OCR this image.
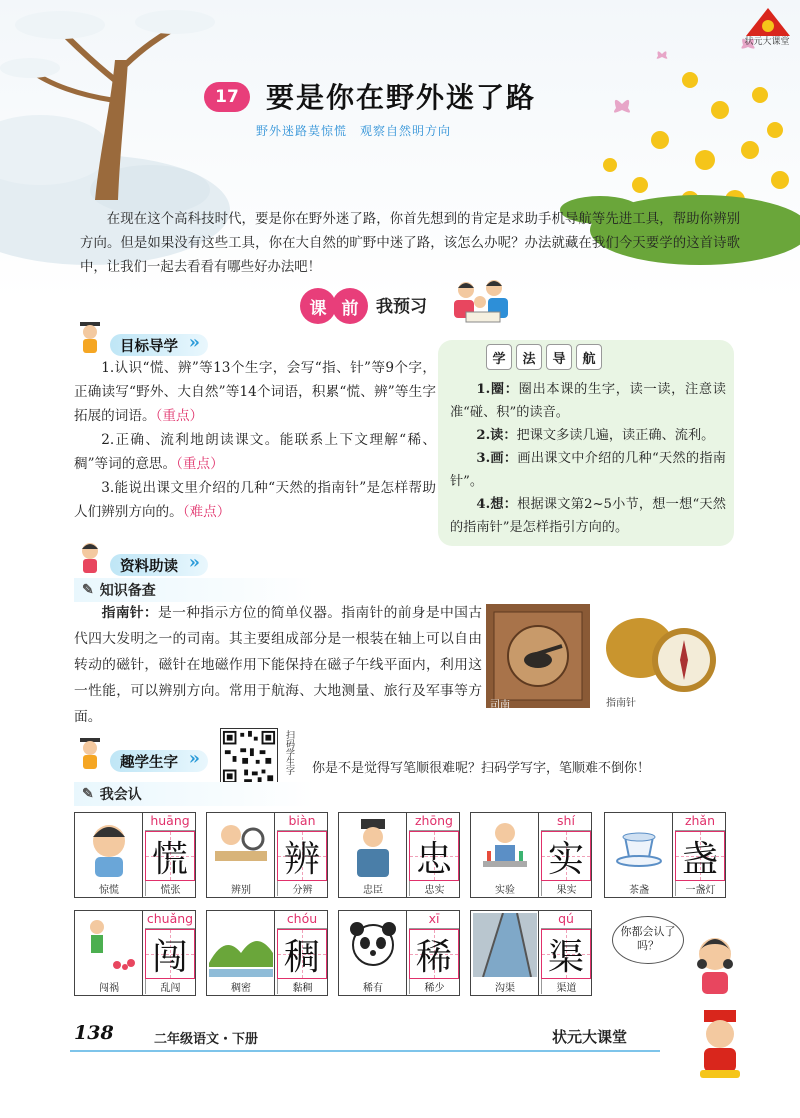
状元大课堂
17 要是你在野外迷了路
野外迷路莫惊慌　观察自然明方向

在现在这个高科技时代，要是你在野外迷了路，你首先想到的肯定是求助手机导航等先进工具，帮助你辨别方向。但是如果没有这些工具，你在大自然的旷野中迷了路，该怎么办呢？办法就藏在我们今天要学的这首诗歌中，让我们一起去看看有哪些好办法吧！

课 前	我预习
目标导学 »

1.认识“慌、辨”等13个生字，会写“指、针”等9个字，正确读写“野外、大自然”等14个词语，积累“慌、辨”等生字拓展的词语。（重点）

2.正确、流利地朗读课文。能联系上下文理解“稀、稠”等词的意思。（重点）

3.能说出课文里介绍的几种“天然的指南针”是怎样帮助人们辨别方向的。（难点）

学	法	导	航

1.圈：圈出本课的生字，读一读，注意读准“碰、积”的读音。

2.读：把课文多读几遍，读正确、流利。

3.画：画出课文中介绍的几种“天然的指南针”。

4.想：根据课文第2~5小节，想一想“天然的指南针”是怎样指引方向的。

资料助读 »
✎ 知识备查

指南针：是一种指示方位的简单仪器。指南针的前身是中国古代四大发明之一的司南。其主要组成部分是一根装在轴上可以自由转动的磁针，磁针在地磁作用下能保持在磁子午线平面内，利用这一性能，可以辨别方向。常用于航海、大地测量、旅行及军事等方面。

司南	指南针
趣学生字 »	扫码学生字 你是不是觉得写笔顺很难呢？扫码学写字，笔顺难不倒你！
✎ 我会认
huāng
慌
惊慌	慌张
biàn
辨
辨别	分辨
zhōng
忠
忠臣	忠实
shí
实
实验	果实
zhǎn
盏
茶盏	一盏灯
chuǎng
闯
闯祸	乱闯
chóu
稠
稠密	黏稠
xī
稀
稀有	稀少
qú
渠
沟渠	渠道
你都会认了吗？
138	二年级语文・下册	状元大课堂
